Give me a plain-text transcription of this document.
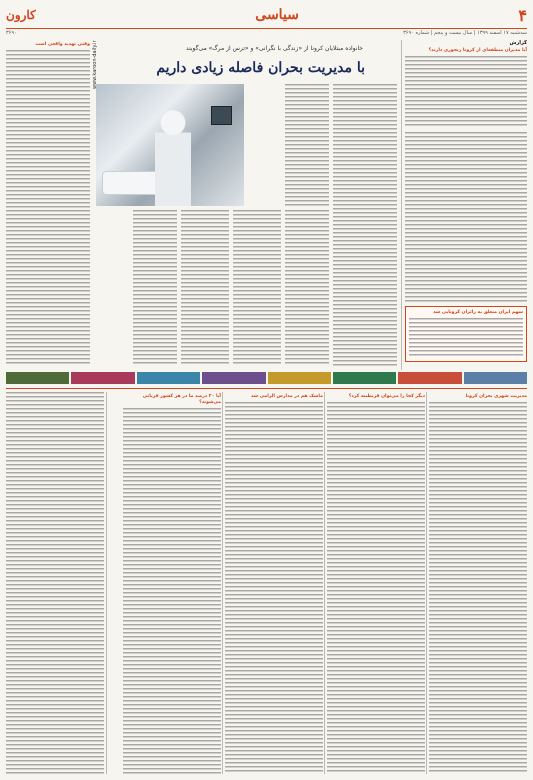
۴
سیاسی
کارون
سه‌شنبه ۱۷ اسفند ۱۳۹۹ | سال بیست و پنجم | شماره ۳۶۹۰
۳۶۹۰
خانواده مبتلایان کرونا از «زندگی با نگرانی» و «ترس از مرگ» می‌گویند
با مدیریت بحران فاصله زیادی داریم
گزارش
آیا مدیران منطقه‌ای از کرونا رنجوری دارند؟
سهم ایران متعلق به زائران کرونایی شد
وقتی تهدید واقعی است www.karoon-daily.ir
مدیریت شهری بحران کرونا
دیگر کجا را می‌توان قرنطینه کرد؟
ماسک هم در مدارس الزامی شد
آیا ۲۰ درصد ما در هر کشور قربانی می‌شوند؟
